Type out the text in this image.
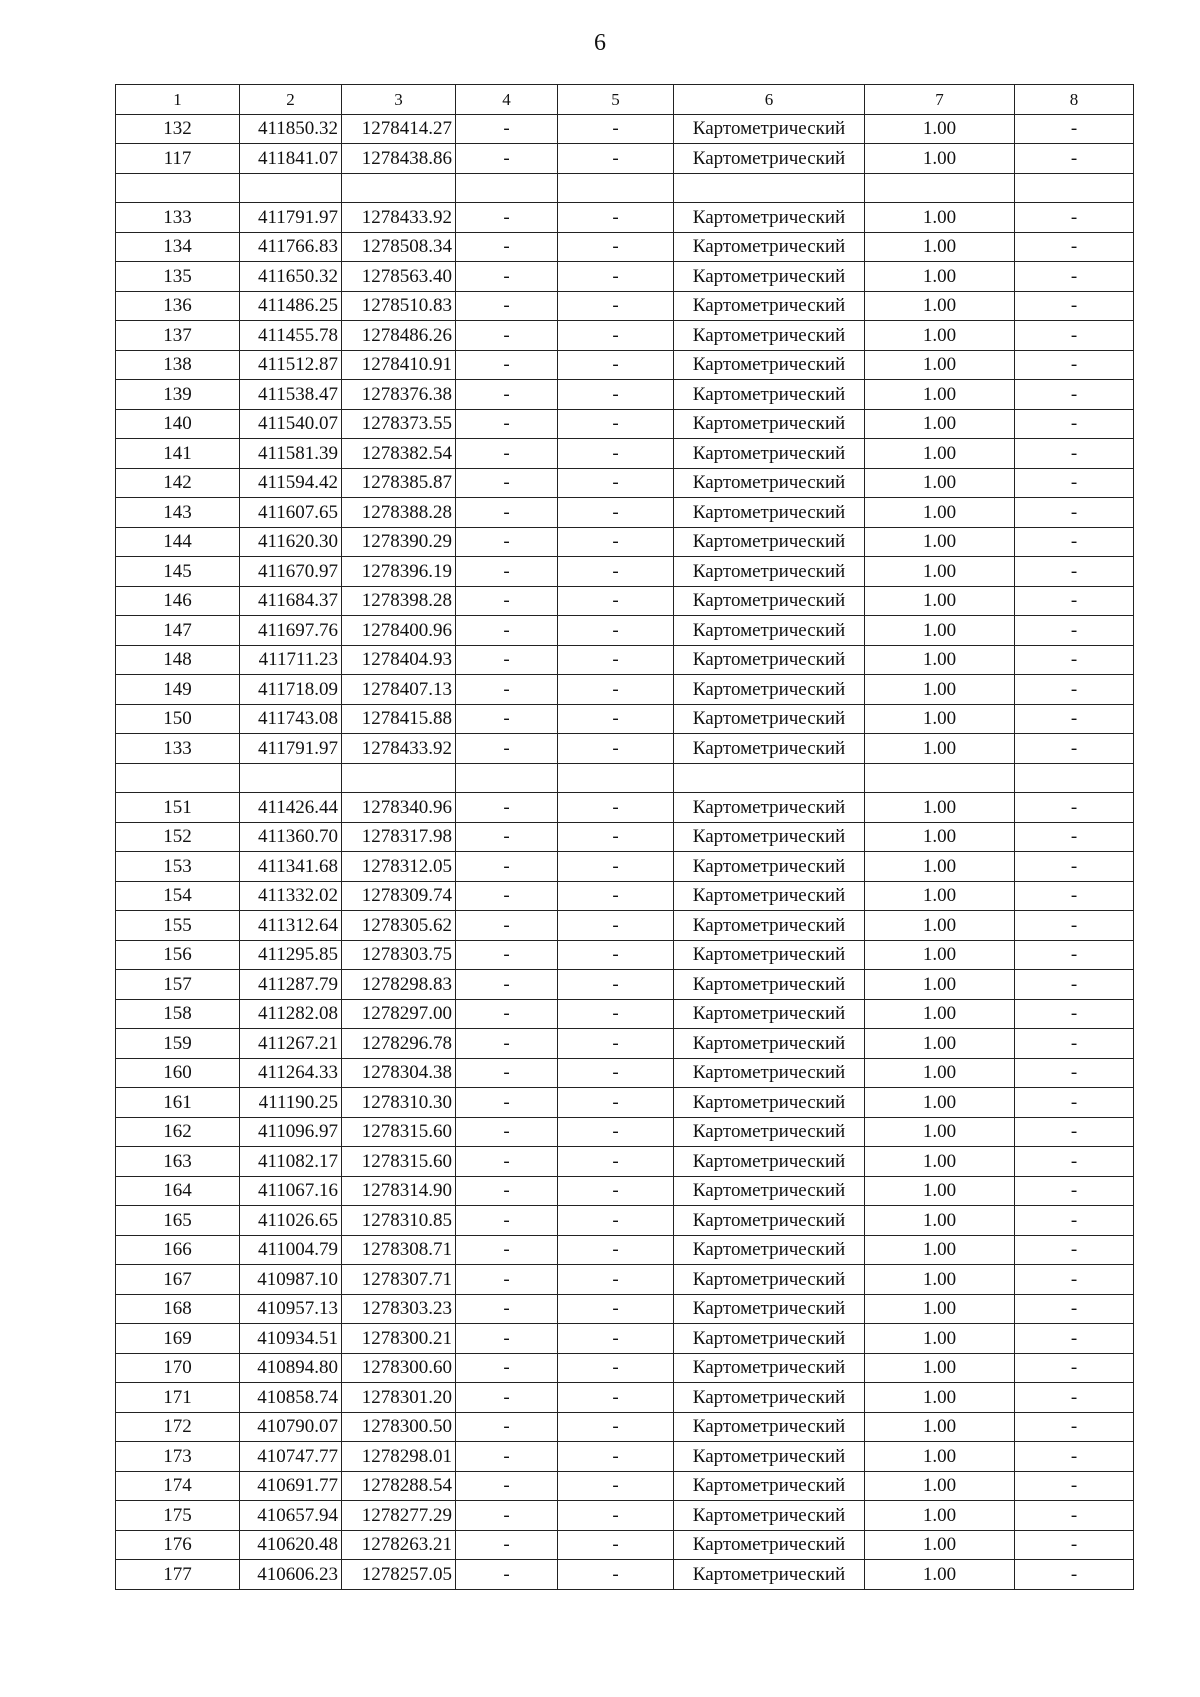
6
1	2	3	4	5	6	7	8
132	411850.32	1278414.27	-	-	Картометрический	1.00	-
117	411841.07	1278438.86	-	-	Картометрический	1.00	-

133	411791.97	1278433.92	-	-	Картометрический	1.00	-
134	411766.83	1278508.34	-	-	Картометрический	1.00	-
135	411650.32	1278563.40	-	-	Картометрический	1.00	-
136	411486.25	1278510.83	-	-	Картометрический	1.00	-
137	411455.78	1278486.26	-	-	Картометрический	1.00	-
138	411512.87	1278410.91	-	-	Картометрический	1.00	-
139	411538.47	1278376.38	-	-	Картометрический	1.00	-
140	411540.07	1278373.55	-	-	Картометрический	1.00	-
141	411581.39	1278382.54	-	-	Картометрический	1.00	-
142	411594.42	1278385.87	-	-	Картометрический	1.00	-
143	411607.65	1278388.28	-	-	Картометрический	1.00	-
144	411620.30	1278390.29	-	-	Картометрический	1.00	-
145	411670.97	1278396.19	-	-	Картометрический	1.00	-
146	411684.37	1278398.28	-	-	Картометрический	1.00	-
147	411697.76	1278400.96	-	-	Картометрический	1.00	-
148	411711.23	1278404.93	-	-	Картометрический	1.00	-
149	411718.09	1278407.13	-	-	Картометрический	1.00	-
150	411743.08	1278415.88	-	-	Картометрический	1.00	-
133	411791.97	1278433.92	-	-	Картометрический	1.00	-

151	411426.44	1278340.96	-	-	Картометрический	1.00	-
152	411360.70	1278317.98	-	-	Картометрический	1.00	-
153	411341.68	1278312.05	-	-	Картометрический	1.00	-
154	411332.02	1278309.74	-	-	Картометрический	1.00	-
155	411312.64	1278305.62	-	-	Картометрический	1.00	-
156	411295.85	1278303.75	-	-	Картометрический	1.00	-
157	411287.79	1278298.83	-	-	Картометрический	1.00	-
158	411282.08	1278297.00	-	-	Картометрический	1.00	-
159	411267.21	1278296.78	-	-	Картометрический	1.00	-
160	411264.33	1278304.38	-	-	Картометрический	1.00	-
161	411190.25	1278310.30	-	-	Картометрический	1.00	-
162	411096.97	1278315.60	-	-	Картометрический	1.00	-
163	411082.17	1278315.60	-	-	Картометрический	1.00	-
164	411067.16	1278314.90	-	-	Картометрический	1.00	-
165	411026.65	1278310.85	-	-	Картометрический	1.00	-
166	411004.79	1278308.71	-	-	Картометрический	1.00	-
167	410987.10	1278307.71	-	-	Картометрический	1.00	-
168	410957.13	1278303.23	-	-	Картометрический	1.00	-
169	410934.51	1278300.21	-	-	Картометрический	1.00	-
170	410894.80	1278300.60	-	-	Картометрический	1.00	-
171	410858.74	1278301.20	-	-	Картометрический	1.00	-
172	410790.07	1278300.50	-	-	Картометрический	1.00	-
173	410747.77	1278298.01	-	-	Картометрический	1.00	-
174	410691.77	1278288.54	-	-	Картометрический	1.00	-
175	410657.94	1278277.29	-	-	Картометрический	1.00	-
176	410620.48	1278263.21	-	-	Картометрический	1.00	-
177	410606.23	1278257.05	-	-	Картометрический	1.00	-
